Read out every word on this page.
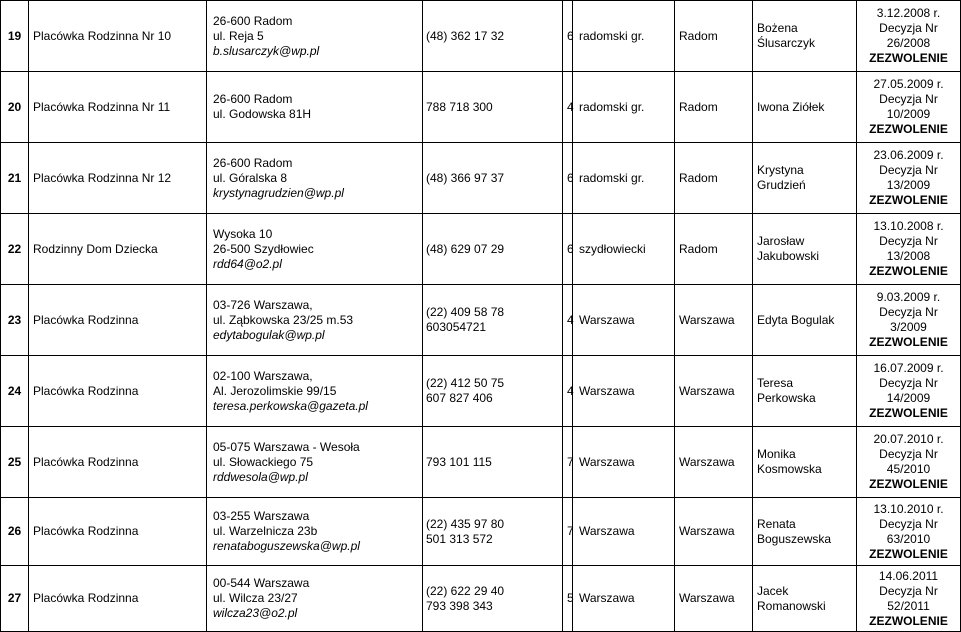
19	Placówka Rodzinna Nr 10	26-600 Radom
ul. Reja 5
b.slusarczyk@wp.pl	(48) 362 17 32	6	radomski gr.	Radom	Bożena
Ślusarczyk	3.12.2008 r.
Decyzja Nr
26/2008
ZEZWOLENIE

20	Placówka Rodzinna Nr 11	26-600 Radom
ul. Godowska 81H	788 718 300	4	radomski gr.	Radom	Iwona Ziółek	27.05.2009 r.
Decyzja Nr
10/2009
ZEZWOLENIE

21	Placówka Rodzinna Nr 12	26-600 Radom
ul. Góralska 8
krystynagrudzien@wp.pl	(48) 366 97 37	6	radomski gr.	Radom	Krystyna
Grudzień	23.06.2009 r.
Decyzja Nr
13/2009
ZEZWOLENIE

22	Rodzinny Dom Dziecka	Wysoka 10
26-500 Szydłowiec
rdd64@o2.pl	(48) 629 07 29	6	szydłowiecki	Radom	Jarosław
Jakubowski	13.10.2008 r.
Decyzja Nr
13/2008
ZEZWOLENIE

23	Placówka Rodzinna	03-726 Warszawa,
ul. Ząbkowska 23/25 m.53
edytabogulak@wp.pl	(22) 409 58 78
603054721	4	Warszawa	Warszawa	Edyta Bogulak	9.03.2009 r.
Decyzja Nr
3/2009
ZEZWOLENIE

24	Placówka Rodzinna	02-100 Warszawa,
Al. Jerozolimskie 99/15
teresa.perkowska@gazeta.pl	(22) 412 50 75
607 827 406	4	Warszawa	Warszawa	Teresa
Perkowska	16.07.2009 r.
Decyzja Nr
14/2009
ZEZWOLENIE

25	Placówka Rodzinna	05-075 Warszawa - Wesoła
ul. Słowackiego 75
rddwesola@wp.pl	793 101 115	7	Warszawa	Warszawa	Monika
Kosmowska	20.07.2010 r.
Decyzja Nr
45/2010
ZEZWOLENIE

26	Placówka Rodzinna	03-255 Warszawa
ul. Warzelnicza 23b
renataboguszewska@wp.pl	(22) 435 97 80
501 313 572	7	Warszawa	Warszawa	Renata
Boguszewska	13.10.2010 r.
Decyzja Nr
63/2010
ZEZWOLENIE

27	Placówka Rodzinna	00-544 Warszawa
ul. Wilcza 23/27
wilcza23@o2.pl	(22) 622 29 40
793 398 343	5	Warszawa	Warszawa	Jacek
Romanowski	14.06.2011
Decyzja Nr
52/2011
ZEZWOLENIE
